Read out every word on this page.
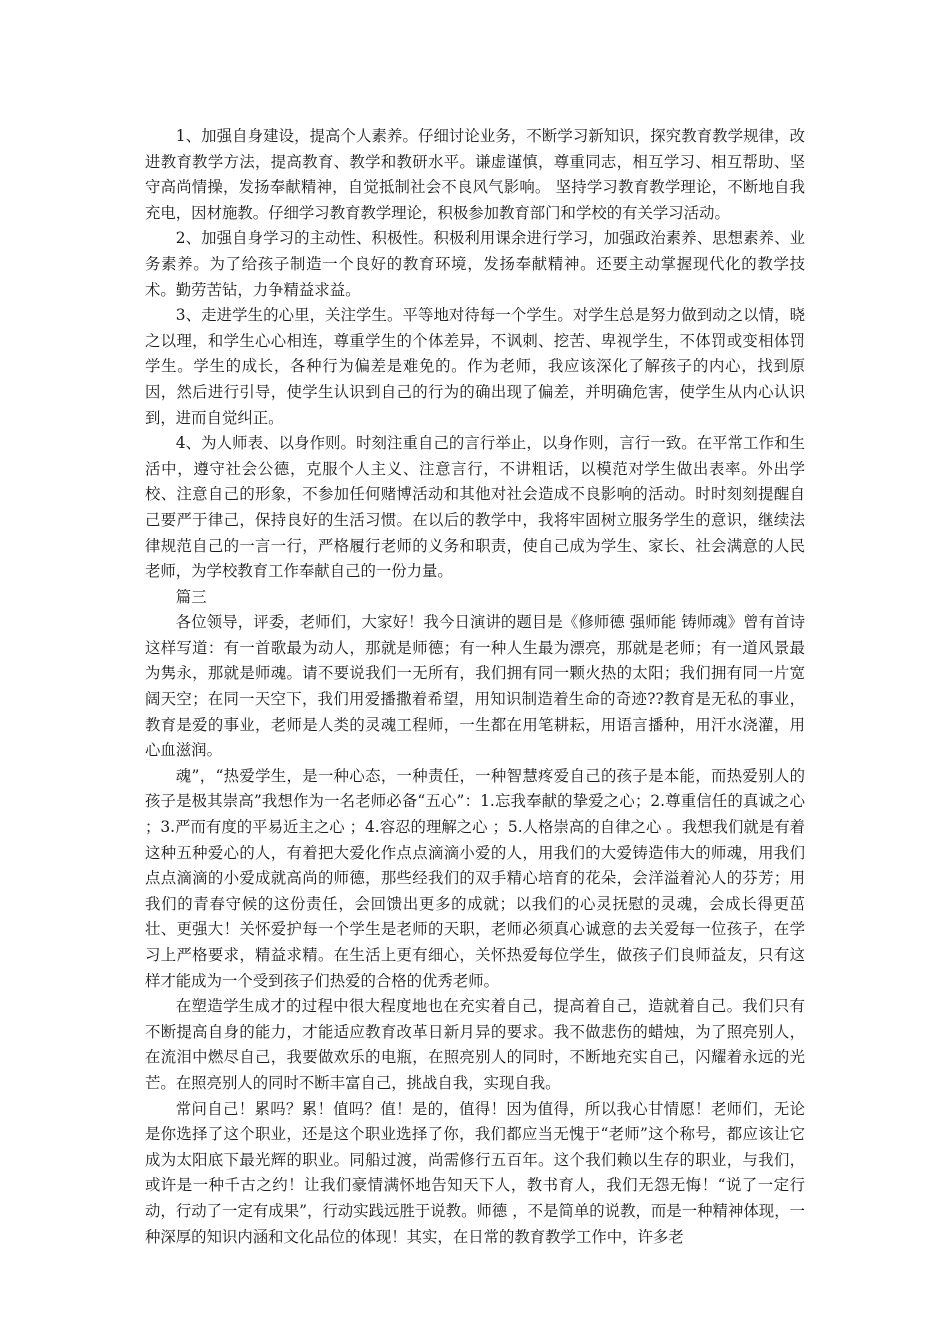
1、加强自身建设，提高个人素养。仔细讨论业务，不断学习新知识，探究教育教学规律，改进教育教学方法，提高教育、教学和教研水平。谦虚谨慎，尊重同志，相互学习、相互帮助、坚守高尚情操，发扬奉献精神，自觉抵制社会不良风气影响。 坚持学习教育教学理论，不断地自我充电，因材施教。仔细学习教育教学理论，积极参加教育部门和学校的有关学习活动。

2、加强自身学习的主动性、积极性。积极利用课余进行学习，加强政治素养、思想素养、业务素养。为了给孩子制造一个良好的教育环境，发扬奉献精神。还要主动掌握现代化的教学技术。勤劳苦钻，力争精益求益。

3、走进学生的心里，关注学生。平等地对待每一个学生。对学生总是努力做到动之以情，晓之以理，和学生心心相连，尊重学生的个体差异，不讽刺、挖苦、卑视学生，不体罚或变相体罚学生。学生的成长，各种行为偏差是难免的。作为老师，我应该深化了解孩子的内心，找到原因，然后进行引导，使学生认识到自己的行为的确出现了偏差，并明确危害，使学生从内心认识到，进而自觉纠正。

4、为人师表、以身作则。时刻注重自己的言行举止，以身作则，言行一致。在平常工作和生活中，遵守社会公德，克服个人主义、注意言行，不讲粗话，以模范对学生做出表率。外出学校、注意自己的形象，不参加任何赌博活动和其他对社会造成不良影响的活动。时时刻刻提醒自己要严于律己，保持良好的生活习惯。在以后的教学中，我将牢固树立服务学生的意识，继续法律规范自己的一言一行，严格履行老师的义务和职责，使自己成为学生、家长、社会满意的人民老师，为学校教育工作奉献自己的一份力量。

篇三

各位领导，评委，老师们，大家好！我今日演讲的题目是《修师德 强师能 铸师魂》曾有首诗这样写道：有一首歌最为动人，那就是师德；有一种人生最为漂亮，那就是老师；有一道风景最为隽永，那就是师魂。请不要说我们一无所有，我们拥有同一颗火热的太阳；我们拥有同一片宽阔天空；在同一天空下，我们用爱播撒着希望，用知识制造着生命的奇迹??教育是无私的事业，教育是爱的事业，老师是人类的灵魂工程师，一生都在用笔耕耘，用语言播种，用汗水浇灌，用心血滋润。

魂”，“热爱学生，是一种心态，一种责任，一种智慧疼爱自己的孩子是本能，而热爱别人的孩子是极其崇高”我想作为一名老师必备“五心”：1.忘我奉献的挚爱之心；2.尊重信任的真诚之心 ；3.严而有度的平易近主之心 ；4.容忍的理解之心 ；5.人格崇高的自律之心 。我想我们就是有着这种五种爱心的人，有着把大爱化作点点滴滴小爱的人，用我们的大爱铸造伟大的师魂，用我们点点滴滴的小爱成就高尚的师德，那些经我们的双手精心培育的花朵，会洋溢着沁人的芬芳；用我们的青春守候的这份责任，会回馈出更多的成就；以我们的心灵抚慰的灵魂，会成长得更茁壮、更强大！关怀爱护每一个学生是老师的天职，老师必须真心诚意的去关爱每一位孩子，在学习上严格要求，精益求精。在生活上更有细心，关怀热爱每位学生，做孩子们良师益友，只有这样才能成为一个受到孩子们热爱的合格的优秀老师。

在塑造学生成才的过程中很大程度地也在充实着自己，提高着自己，造就着自己。我们只有不断提高自身的能力，才能适应教育改革日新月异的要求。我不做悲伤的蜡烛，为了照亮别人，在流泪中燃尽自己，我要做欢乐的电瓶，在照亮别人的同时，不断地充实自己，闪耀着永远的光芒。在照亮别人的同时不断丰富自己，挑战自我，实现自我。

常问自己！累吗？累！值吗？值！是的，值得！因为值得，所以我心甘情愿！老师们，无论是你选择了这个职业，还是这个职业选择了你，我们都应当无愧于“老师”这个称号，都应该让它成为太阳底下最光辉的职业。同船过渡，尚需修行五百年。这个我们赖以生存的职业，与我们，或许是一种千古之约！让我们豪情满怀地告知天下人，教书育人，我们无怨无悔！“说了一定行动，行动了一定有成果”，行动实践远胜于说教。师德 ，不是简单的说教，而是一种精神体现，一种深厚的知识内涵和文化品位的体现！其实，在日常的教育教学工作中，许多老
